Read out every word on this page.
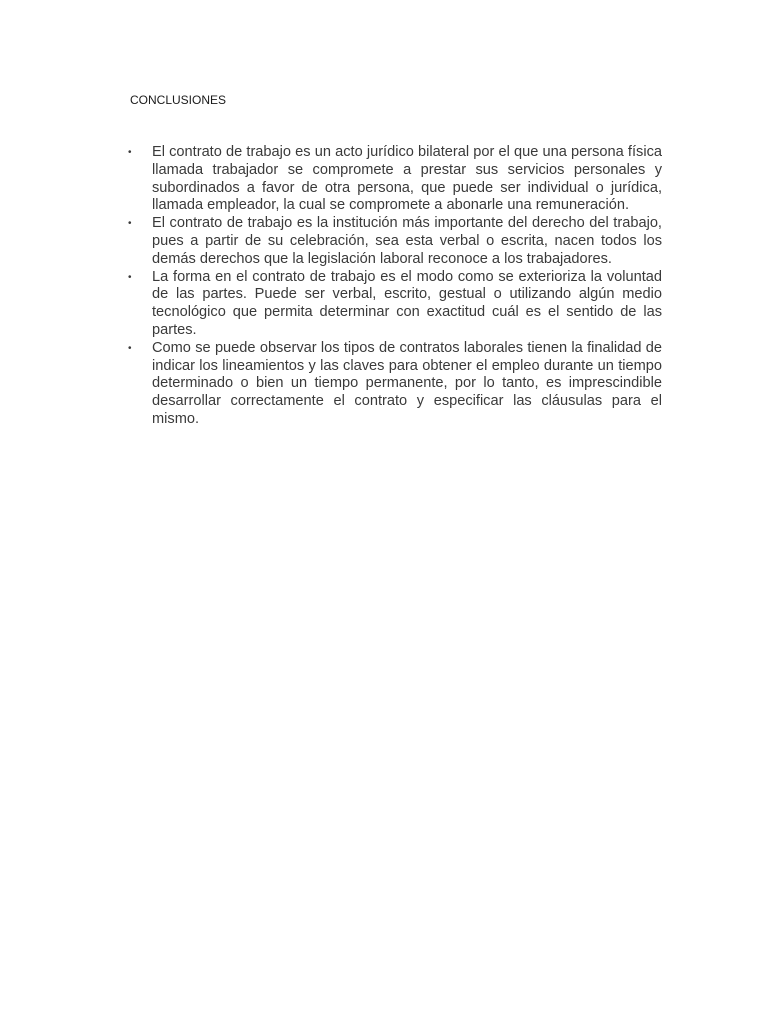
CONCLUSIONES
• El contrato de trabajo es un acto jurídico bilateral por el que una persona física llamada trabajador se compromete a prestar sus servicios personales y subordinados a favor de otra persona, que puede ser individual o jurídica, llamada empleador, la cual se compromete a abonarle una remuneración.
• El contrato de trabajo es la institución más importante del derecho del trabajo, pues a partir de su celebración, sea esta verbal o escrita, nacen todos los demás derechos que la legislación laboral reconoce a los trabajadores.
• La forma en el contrato de trabajo es el modo como se exterioriza la voluntad de las partes. Puede ser verbal, escrito, gestual o utilizando algún medio tecnológico que permita determinar con exactitud cuál es el sentido de las partes.
• Como se puede observar los tipos de contratos laborales tienen la finalidad de indicar los lineamientos y las claves para obtener el empleo durante un tiempo determinado o bien un tiempo permanente, por lo tanto, es imprescindible desarrollar correctamente el contrato y especificar las cláusulas para el mismo.
